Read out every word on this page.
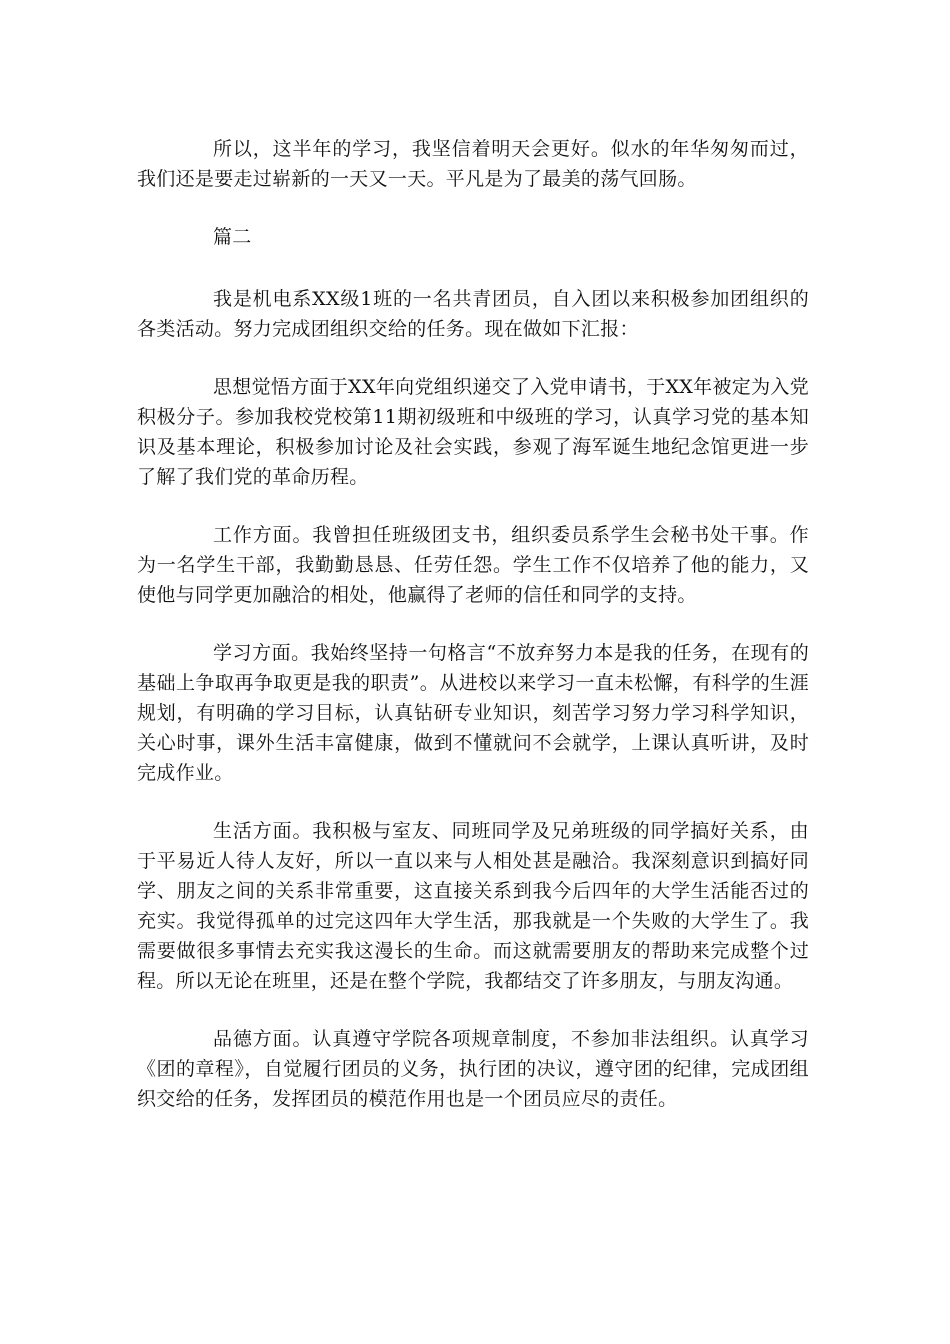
所以，这半年的学习，我坚信着明天会更好。似水的年华匆匆而过，我们还是要走过崭新的一天又一天。平凡是为了最美的荡气回肠。

篇二

我是机电系XX级1班的一名共青团员，自入团以来积极参加团组织的各类活动。努力完成团组织交给的任务。现在做如下汇报：

思想觉悟方面于XX年向党组织递交了入党申请书，于XX年被定为入党积极分子。参加我校党校第11期初级班和中级班的学习，认真学习党的基本知识及基本理论，积极参加讨论及社会实践，参观了海军诞生地纪念馆更进一步了解了我们党的革命历程。

工作方面。我曾担任班级团支书，组织委员系学生会秘书处干事。作为一名学生干部，我勤勤恳恳、任劳任怨。学生工作不仅培养了他的能力，又使他与同学更加融洽的相处，他赢得了老师的信任和同学的支持。

学习方面。我始终坚持一句格言“不放弃努力本是我的任务，在现有的基础上争取再争取更是我的职责”。从进校以来学习一直未松懈，有科学的生涯规划，有明确的学习目标，认真钻研专业知识，刻苦学习努力学习科学知识，关心时事，课外生活丰富健康，做到不懂就问不会就学，上课认真听讲，及时完成作业。

生活方面。我积极与室友、同班同学及兄弟班级的同学搞好关系，由于平易近人待人友好，所以一直以来与人相处甚是融洽。我深刻意识到搞好同学、朋友之间的关系非常重要，这直接关系到我今后四年的大学生活能否过的充实。我觉得孤单的过完这四年大学生活，那我就是一个失败的大学生了。我需要做很多事情去充实我这漫长的生命。而这就需要朋友的帮助来完成整个过程。所以无论在班里，还是在整个学院，我都结交了许多朋友，与朋友沟通。

品德方面。认真遵守学院各项规章制度，不参加非法组织。认真学习《团的章程》，自觉履行团员的义务，执行团的决议，遵守团的纪律，完成团组织交给的任务，发挥团员的模范作用也是一个团员应尽的责任。
